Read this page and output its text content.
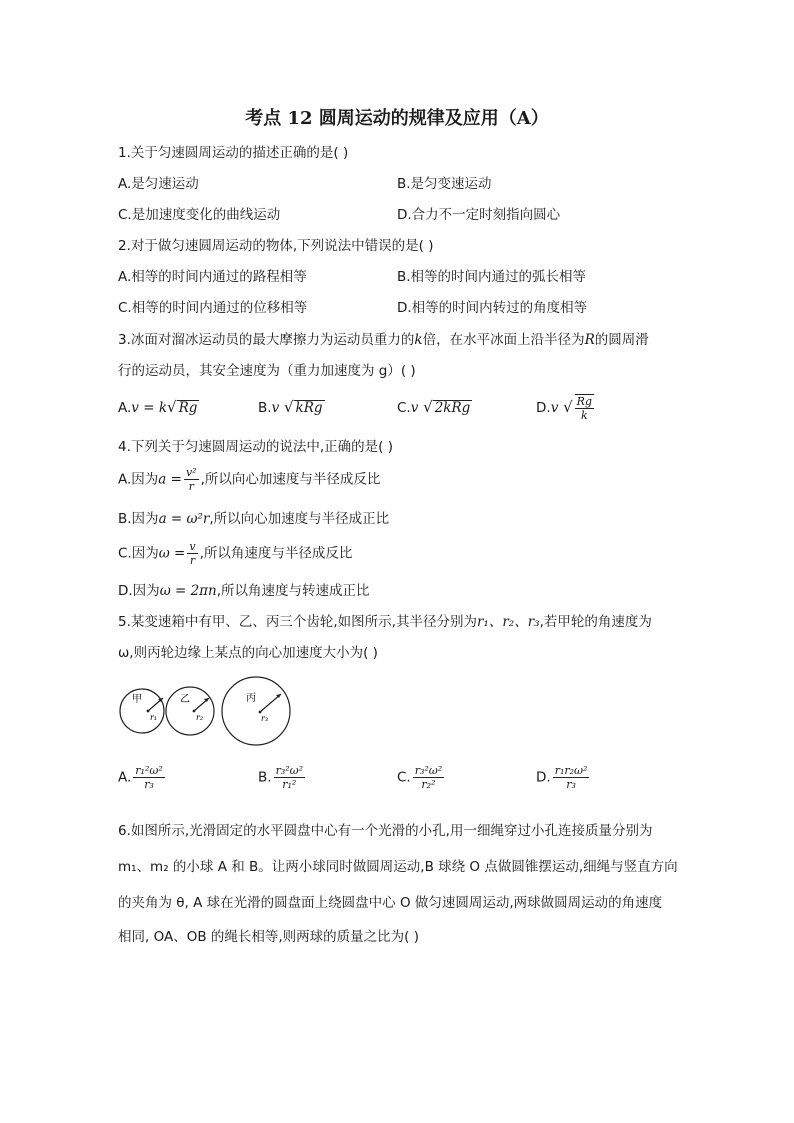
考点 12 圆周运动的规律及应用（A）
1.关于匀速圆周运动的描述正确的是( )
A.是匀速运动	B.是匀变速运动
C.是加速度变化的曲线运动	D.合力不一定时刻指向圆心
2.对于做匀速圆周运动的物体,下列说法中错误的是( )
A.相等的时间内通过的路程相等	B.相等的时间内通过的弧长相等
C.相等的时间内通过的位移相等	D.相等的时间内转过的角度相等
3.冰面对溜冰运动员的最大摩擦力为运动员重力的k倍，在水平冰面上沿半径为R的圆周滑
行的运动员，其安全速度为（重力加速度为 g）( )
A.v = k√ Rg	B.v √ kRg	C.v √ 2kRg	D.v √ $\frac{Rg}{k}$
4.下列关于匀速圆周运动的说法中,正确的是( )
A.因为$a = \frac{\text{v²}}{r}$ ,所以向心加速度与半径成反比
B.因为a = ω²r,所以向心加速度与半径成正比
C.因为$\omega = \frac{v}{r}$ ,所以角速度与半径成反比
D.因为ω = 2πn,所以角速度与转速成正比
5.某变速箱中有甲、乙、丙三个齿轮,如图所示,其半径分别为r₁、r₂、r₃,若甲轮的角速度为
ω,则丙轮边缘上某点的向心加速度大小为( )
甲	乙	丙
r₁	r₂	r₃
A. $\frac{\text{r₁²ω²}}{\text{r₃}}$	B. $\frac{\text{r₃²ω²}}{\text{r₁²}}$	C. $\frac{\text{r₃²ω²}}{\text{r₂²}}$	D. $\frac{\text{r₁r₂ω²}}{\text{r₃}}$
6.如图所示,光滑固定的水平圆盘中心有一个光滑的小孔,用一细绳穿过小孔连接质量分别为
m₁、m₂ 的小球 A 和 B。让两小球同时做圆周运动,B 球绕 O 点做圆锥摆运动,细绳与竖直方向
的夹角为 θ, A 球在光滑的圆盘面上绕圆盘中心 O 做匀速圆周运动,两球做圆周运动的角速度
相同, OA、OB 的绳长相等,则两球的质量之比为( )
